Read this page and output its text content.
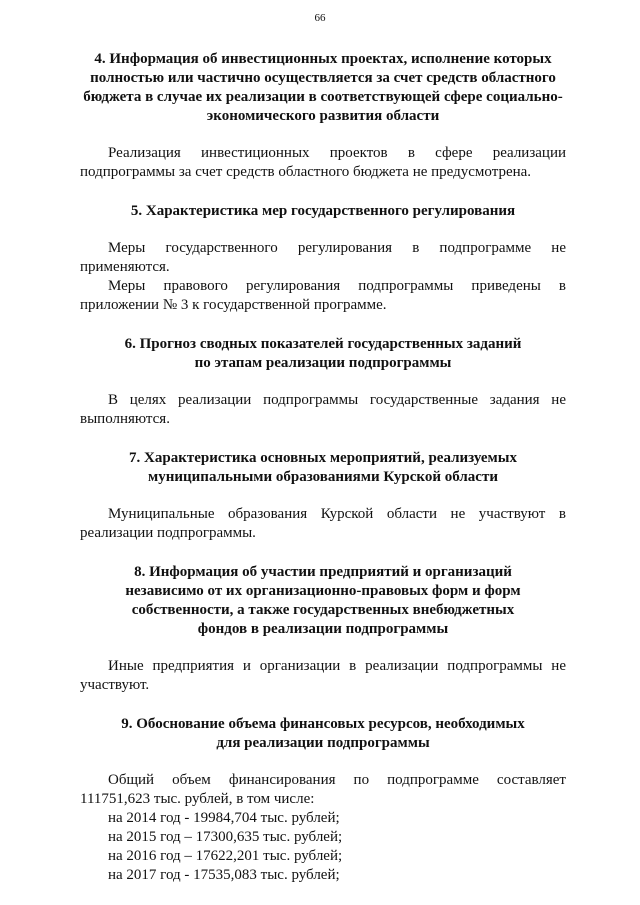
66

4. Информация об инвестиционных проектах, исполнение которых
полностью или частично осуществляется за счет средств областного
бюджета в случае их реализации в соответствующей сфере социально-
экономического развития области

Реализация инвестиционных проектов в сфере реализации подпрограммы за счет средств областного бюджета не предусмотрена.

5. Характеристика мер государственного регулирования

Меры государственного регулирования в подпрограмме не применяются.

Меры правового регулирования подпрограммы приведены в приложении № 3 к государственной программе.

6. Прогноз сводных показателей государственных заданий
по этапам реализации подпрограммы

В целях реализации подпрограммы государственные задания не выполняются.

7. Характеристика основных мероприятий, реализуемых
муниципальными образованиями Курской области

Муниципальные образования Курской области не участвуют в реализации подпрограммы.

8. Информация об участии предприятий и организаций
независимо от их организационно-правовых форм и форм
собственности, а также государственных внебюджетных
фондов в реализации подпрограммы

Иные предприятия и организации в реализации подпрограммы не участвуют.

9. Обоснование объема финансовых ресурсов, необходимых
для реализации подпрограммы

Общий объем финансирования по подпрограмме составляет 111751,623 тыс. рублей, в том числе:

на 2014 год - 19984,704 тыс. рублей;
на 2015 год – 17300,635 тыс. рублей;
на 2016 год – 17622,201 тыс. рублей;
на 2017 год - 17535,083 тыс. рублей;
